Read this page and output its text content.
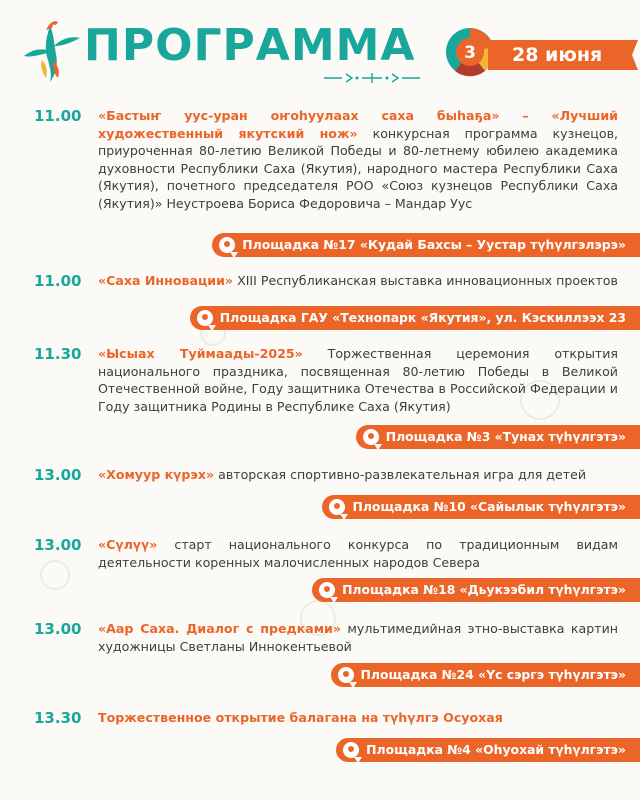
ПРОГРАММА	3 28 июня
11.00	«Бастыҥ уус-уран оҥоһуулаах саха быһаҕа» – «Лучший художественный якутский нож» конкурсная программа кузнецов, приуроченная 80-летию Великой Победы и 80-летнему юбилею академика духовности Республики Саха (Якутия), народного мастера Республики Саха (Якутия), почетного председателя РОО «Союз кузнецов Республики Саха (Якутия)» Неустроева Бориса Федоровича – Мандар Уус
Площадка №17 «Кудай Бахсы – Уустар түһүлгэлэрэ»
11.00	«Саха Инновации» XIII Республиканская выставка инновационных проектов
Площадка ГАУ «Технопарк «Якутия», ул. Кэскиллээх 23
11.30	«Ысыах Туймаады-2025» Торжественная церемония открытия национального праздника, посвященная 80-летию Победы в Великой Отечественной войне, Году защитника Отечества в Российской Федерации и Году защитника Родины в Республике Саха (Якутия)
Площадка №3 «Тунах түһүлгэтэ»
13.00	«Хомуур күрэх» авторская спортивно-развлекательная игра для детей
Площадка №10 «Сайылык түһүлгэтэ»
13.00	«Сүлүү» старт национального конкурса по традиционным видам деятельности коренных малочисленных народов Севера
Площадка №18 «Дьукээбил түһүлгэтэ»
13.00	«Аар Саха. Диалог с предками» мультимедийная этно-выставка картин художницы Светланы Иннокентьевой
Площадка №24 «Үс сэргэ түһүлгэтэ»
13.30	Торжественное открытие балагана на түһүлгэ Осуохая
Площадка №4 «Оһуохай түһүлгэтэ»
